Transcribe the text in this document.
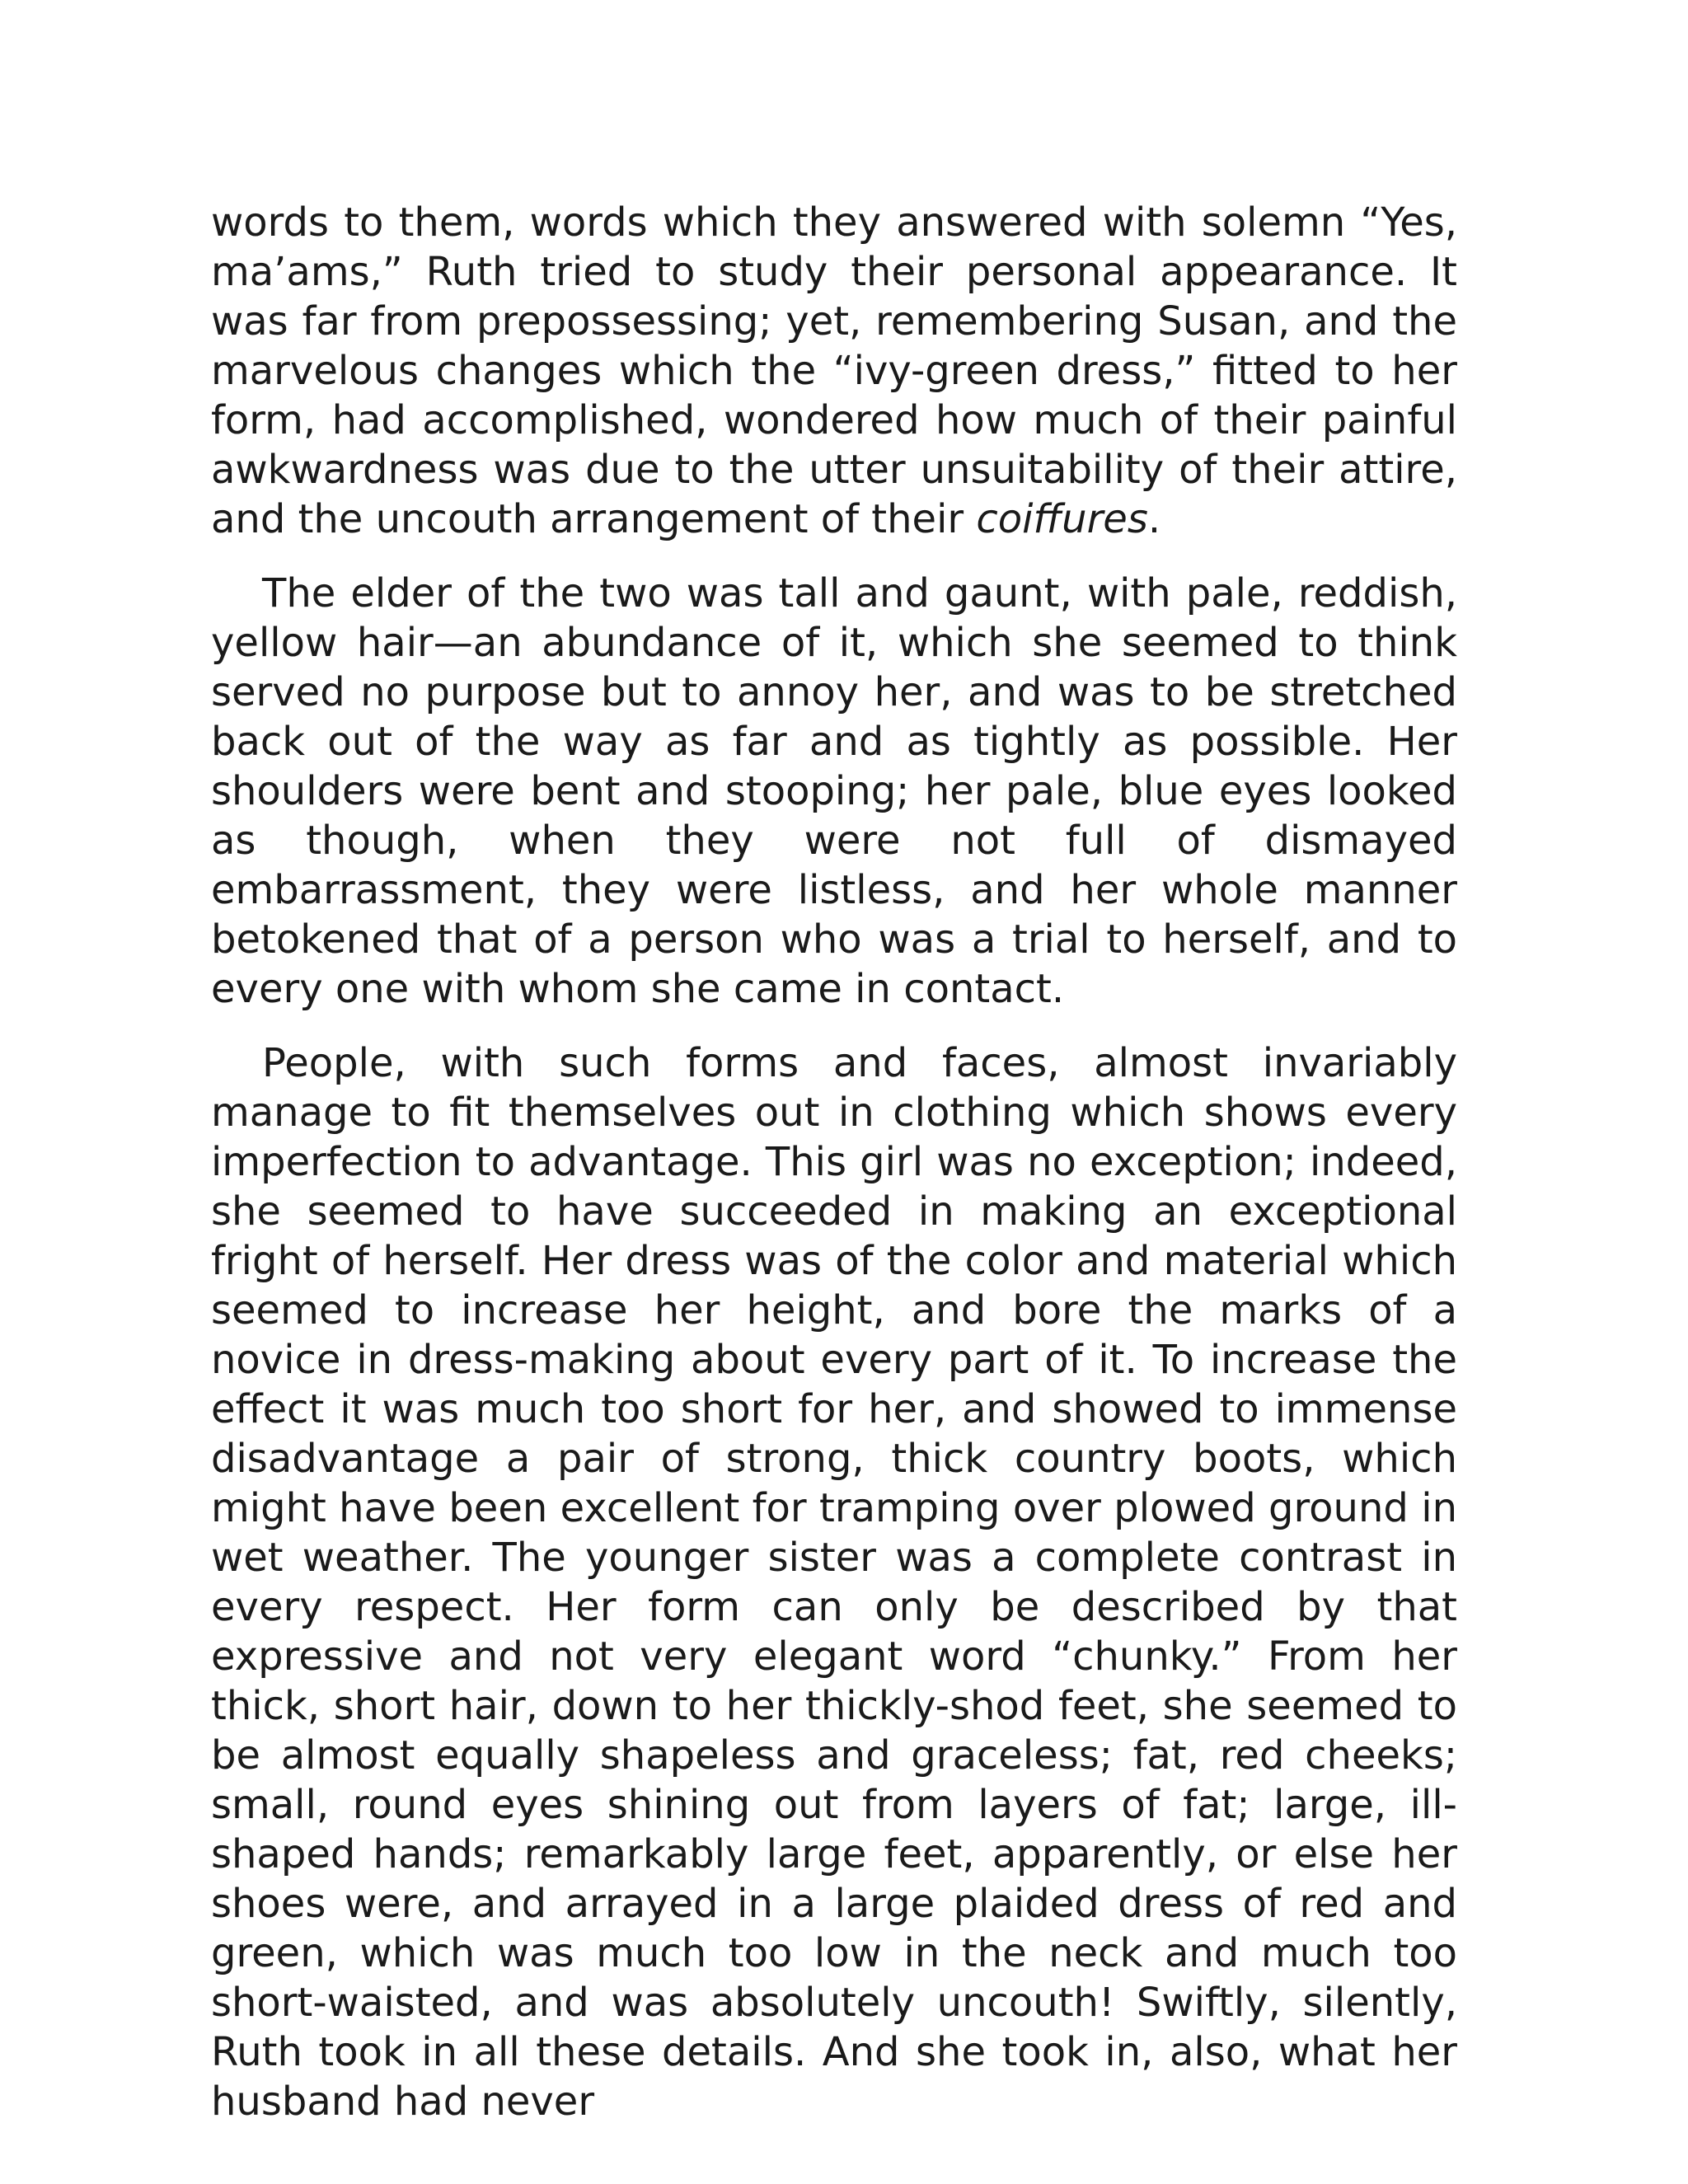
words to them, words which they answered with solemn “Yes, ma’ams,” Ruth tried to study their personal appearance. It was far from prepossessing; yet, remembering Susan, and the marvelous changes which the “ivy-green dress,” fitted to her form, had accomplished, wondered how much of their painful awkwardness was due to the utter unsuitability of their attire, and the uncouth arrangement of their coiffures.

The elder of the two was tall and gaunt, with pale, reddish, yellow hair—an abundance of it, which she seemed to think served no purpose but to annoy her, and was to be stretched back out of the way as far and as tightly as possible. Her shoulders were bent and stooping; her pale, blue eyes looked as though, when they were not full of dismayed embarrassment, they were listless, and her whole manner betokened that of a person who was a trial to herself, and to every one with whom she came in contact.

People, with such forms and faces, almost invariably manage to fit themselves out in clothing which shows every imperfection to advantage. This girl was no exception; indeed, she seemed to have succeeded in making an exceptional fright of herself. Her dress was of the color and material which seemed to increase her height, and bore the marks of a novice in dress-making about every part of it. To increase the effect it was much too short for her, and showed to immense disadvantage a pair of strong, thick country boots, which might have been excellent for tramping over plowed ground in wet weather. The younger sister was a complete contrast in every respect. Her form can only be described by that expressive and not very elegant word “chunky.” From her thick, short hair, down to her thickly-shod feet, she seemed to be almost equally shapeless and graceless; fat, red cheeks; small, round eyes shining out from layers of fat; large, ill-shaped hands; remarkably large feet, apparently, or else her shoes were, and arrayed in a large plaided dress of red and green, which was much too low in the neck and much too short-waisted, and was absolutely uncouth! Swiftly, silently, Ruth took in all these details. And she took in, also, what her husband had never
